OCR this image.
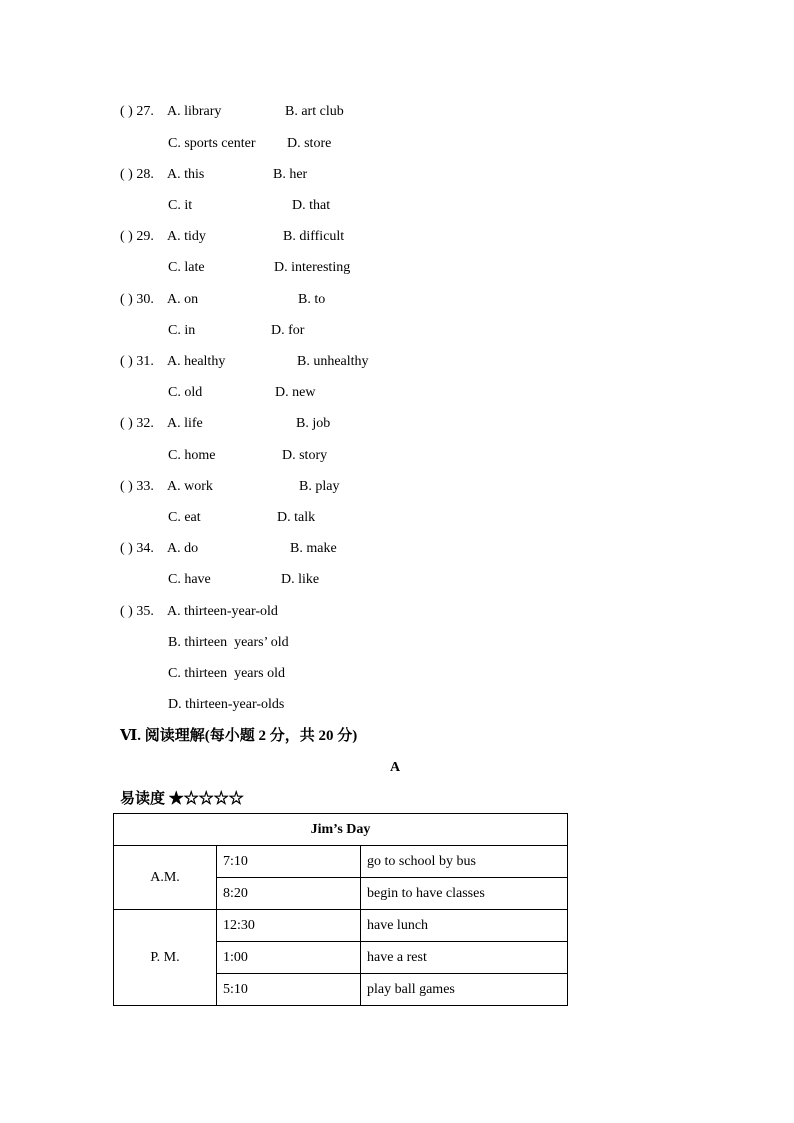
( ) 27. A. library	B. art club
C. sports center D. store
( ) 28. A. this	B. her
C. it	D. that
( ) 29. A. tidy	B. difficult
C. late	D. interesting
( ) 30. A. on	B. to
C. in	D. for
( ) 31. A. healthy	B. unhealthy
C. old	D. new
( ) 32. A. life	B. job
C. home	D. story
( ) 33. A. work	B. play
C. eat	D. talk
( ) 34. A. do	B. make
C. have	D. like
( ) 35. A. thirteen-year-old
B. thirteen  years’ old
C. thirteen  years old
D. thirteen-year-olds
Ⅵ. 阅读理解(每小题 2 分，共 20 分)
A
易读度 ★☆☆☆☆
Jim’s Day		
A.M.	7:10	go to school by bus
	8:20	begin to have classes
P. M.	12:30	have lunch
	1:00	have a rest
	5:10	play ball games
